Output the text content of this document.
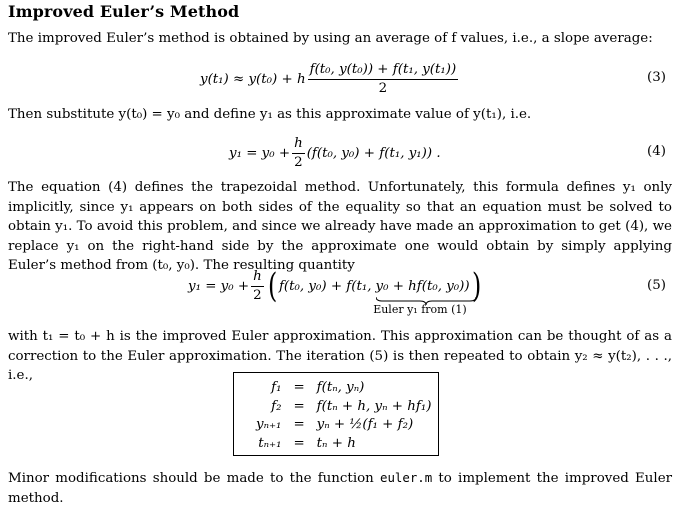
Improved Euler’s Method

The improved Euler’s method is obtained by using an average of f values, i.e., a slope average:

y(t₁) ≈ y(t₀) + h $\frac{\text{f(t₀, y(t₀)) + f(t₁, y(t₁))}}{2}$	(3)

Then substitute y(t₀) = y₀ and define y₁ as this approximate value of y(t₁), i.e.

$y_1 = y_0 + \frac{h}{2} (f(t_0$, y₀) + f(t₁, y₁)) .	(4)

The equation (4) defines the trapezoidal method. Unfortunately, this formula defines y₁ only implicitly, since y₁ appears on both sides of the equality so that an equation must be solved to obtain y₁. To avoid this problem, and since we already have made an approximation to get (4), we replace y₁ on the right-hand side by the approximate one would obtain by simply applying Euler’s method from (t₀, y₀). The resulting quantity

$y_1 = y_0 + \frac{h}{2}$ ( f(t₀, y₀) + f(t₁, y₀ + hf(t₀, y₀)
Euler y₁ from (1)
) )	(5)

with t₁ = t₀ + h is the improved Euler approximation. This approximation can be thought of as a correction to the Euler approximation. The iteration (5) is then repeated to obtain y₂ ≈ y(t₂), . . ., i.e.,

f₁	=	f(tₙ, yₙ)
f₂	=	f(tₙ + h, yₙ + hf₁)
yₙ₊₁	=	yₙ + ½(f₁ + f₂)
tₙ₊₁	=	tₙ + h

Minor modifications should be made to the function euler.m to implement the improved Euler method.
